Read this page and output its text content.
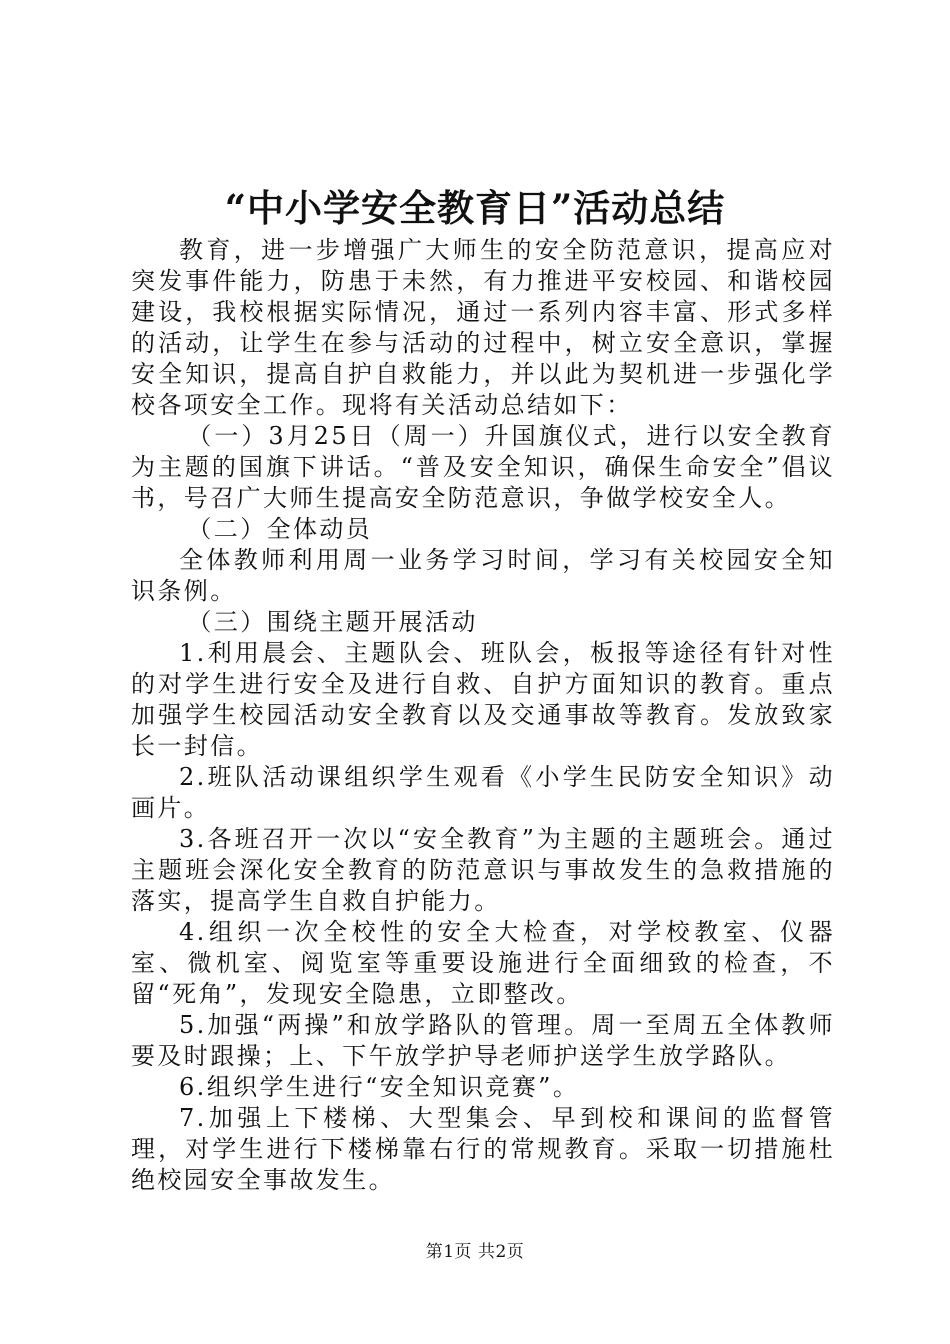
“中小学安全教育日”活动总结

教育，进一步增强广大师生的安全防范意识，提高应对突发事件能力，防患于未然，有力推进平安校园、和谐校园建设，我校根据实际情况，通过一系列内容丰富、形式多样的活动，让学生在参与活动的过程中，树立安全意识，掌握安全知识，提高自护自救能力，并以此为契机进一步强化学校各项安全工作。现将有关活动总结如下：

（一）3月25日（周一）升国旗仪式，进行以安全教育为主题的国旗下讲话。“普及安全知识，确保生命安全”倡议书，号召广大师生提高安全防范意识，争做学校安全人。

（二）全体动员

全体教师利用周一业务学习时间，学习有关校园安全知识条例。

（三）围绕主题开展活动

1.利用晨会、主题队会、班队会，板报等途径有针对性的对学生进行安全及进行自救、自护方面知识的教育。重点加强学生校园活动安全教育以及交通事故等教育。发放致家长一封信。

2.班队活动课组织学生观看《小学生民防安全知识》动画片。

3.各班召开一次以“安全教育”为主题的主题班会。通过主题班会深化安全教育的防范意识与事故发生的急救措施的落实，提高学生自救自护能力。

4.组织一次全校性的安全大检查，对学校教室、仪器室、微机室、阅览室等重要设施进行全面细致的检查，不留“死角”，发现安全隐患，立即整改。

5.加强“两操”和放学路队的管理。周一至周五全体教师要及时跟操；上、下午放学护导老师护送学生放学路队。

6.组织学生进行“安全知识竞赛”。

7.加强上下楼梯、大型集会、早到校和课间的监督管理，对学生进行下楼梯靠右行的常规教育。采取一切措施杜绝校园安全事故发生。

第1页 共2页
